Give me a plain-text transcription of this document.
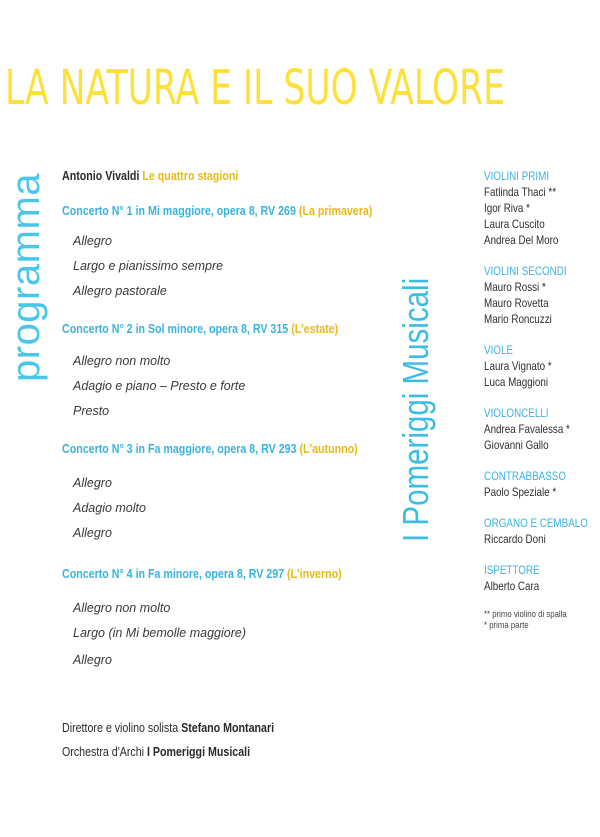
LA NATURA E IL SUO VALORE
programma
I Pomeriggi Musicali
Antonio Vivaldi Le quattro stagioni
Concerto N° 1 in Mi maggiore, opera 8, RV 269 (La primavera)
Allegro
Largo e pianissimo sempre
Allegro pastorale
Concerto N° 2 in Sol minore, opera 8, RV 315 (L'estate)
Allegro non molto
Adagio e piano – Presto e forte
Presto
Concerto N° 3 in Fa maggiore, opera 8, RV 293 (L'autunno)
Allegro
Adagio molto
Allegro
Concerto N° 4 in Fa minore, opera 8, RV 297 (L'inverno)
Allegro non molto
Largo (in Mi bemolle maggiore)
Allegro
Direttore e violino solista Stefano Montanari
Orchestra d'Archi I Pomeriggi Musicali
VIOLINI PRIMI
Fatlinda Thaci **
Igor Riva *
Laura Cuscito
Andrea Del Moro
VIOLINI SECONDI
Mauro Rossi *
Mauro Rovetta
Mario Roncuzzi
VIOLE
Laura Vignato *
Luca Maggioni
VIOLONCELLI
Andrea Favalessa *
Giovanni Gallo
CONTRABBASSO
Paolo Speziale *
ORGANO E CEMBALO
Riccardo Doni
ISPETTORE
Alberto Cara
** primo violino di spalla
* prima parte
